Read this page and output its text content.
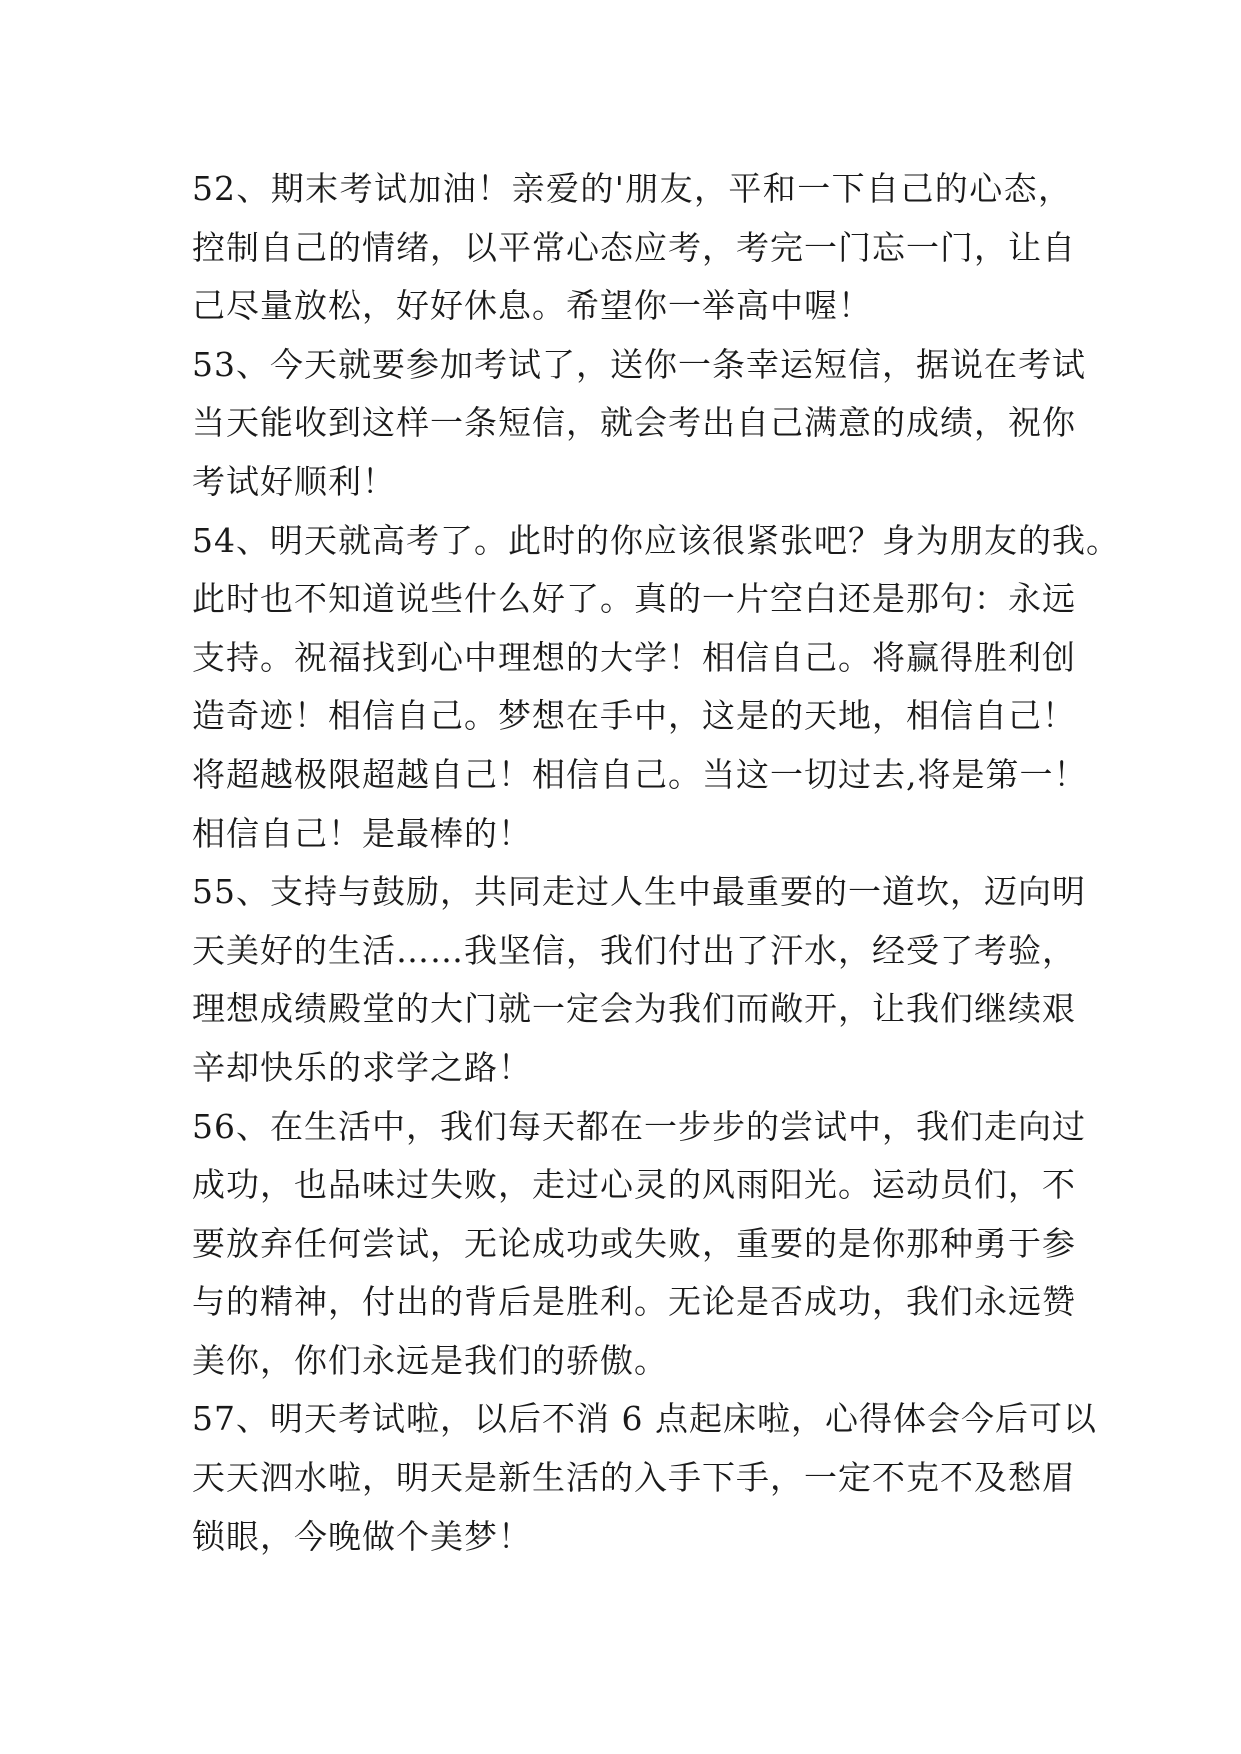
52、期末考试加油！亲爱的'朋友，平和一下自己的心态，
控制自己的情绪，以平常心态应考，考完一门忘一门，让自
己尽量放松，好好休息。希望你一举高中喔！
53、今天就要参加考试了，送你一条幸运短信，据说在考试
当天能收到这样一条短信，就会考出自己满意的成绩，祝你
考试好顺利！
54、明天就高考了。此时的你应该很紧张吧？身为朋友的我。
此时也不知道说些什么好了。真的一片空白还是那句：永远
支持。祝福找到心中理想的大学！相信自己。将赢得胜利创
造奇迹！相信自己。梦想在手中，这是的天地，相信自己！
将超越极限超越自己！相信自己。当这一切过去,将是第一！
相信自己！是最棒的！
55、支持与鼓励，共同走过人生中最重要的一道坎，迈向明
天美好的生活……我坚信，我们付出了汗水，经受了考验，
理想成绩殿堂的大门就一定会为我们而敞开，让我们继续艰
辛却快乐的求学之路！
56、在生活中，我们每天都在一步步的尝试中，我们走向过
成功，也品味过失败，走过心灵的风雨阳光。运动员们，不
要放弃任何尝试，无论成功或失败，重要的是你那种勇于参
与的精神，付出的背后是胜利。无论是否成功，我们永远赞
美你，你们永远是我们的骄傲。
57、明天考试啦，以后不消 6 点起床啦，心得体会今后可以
天天泗水啦，明天是新生活的入手下手，一定不克不及愁眉
锁眼，今晚做个美梦！
